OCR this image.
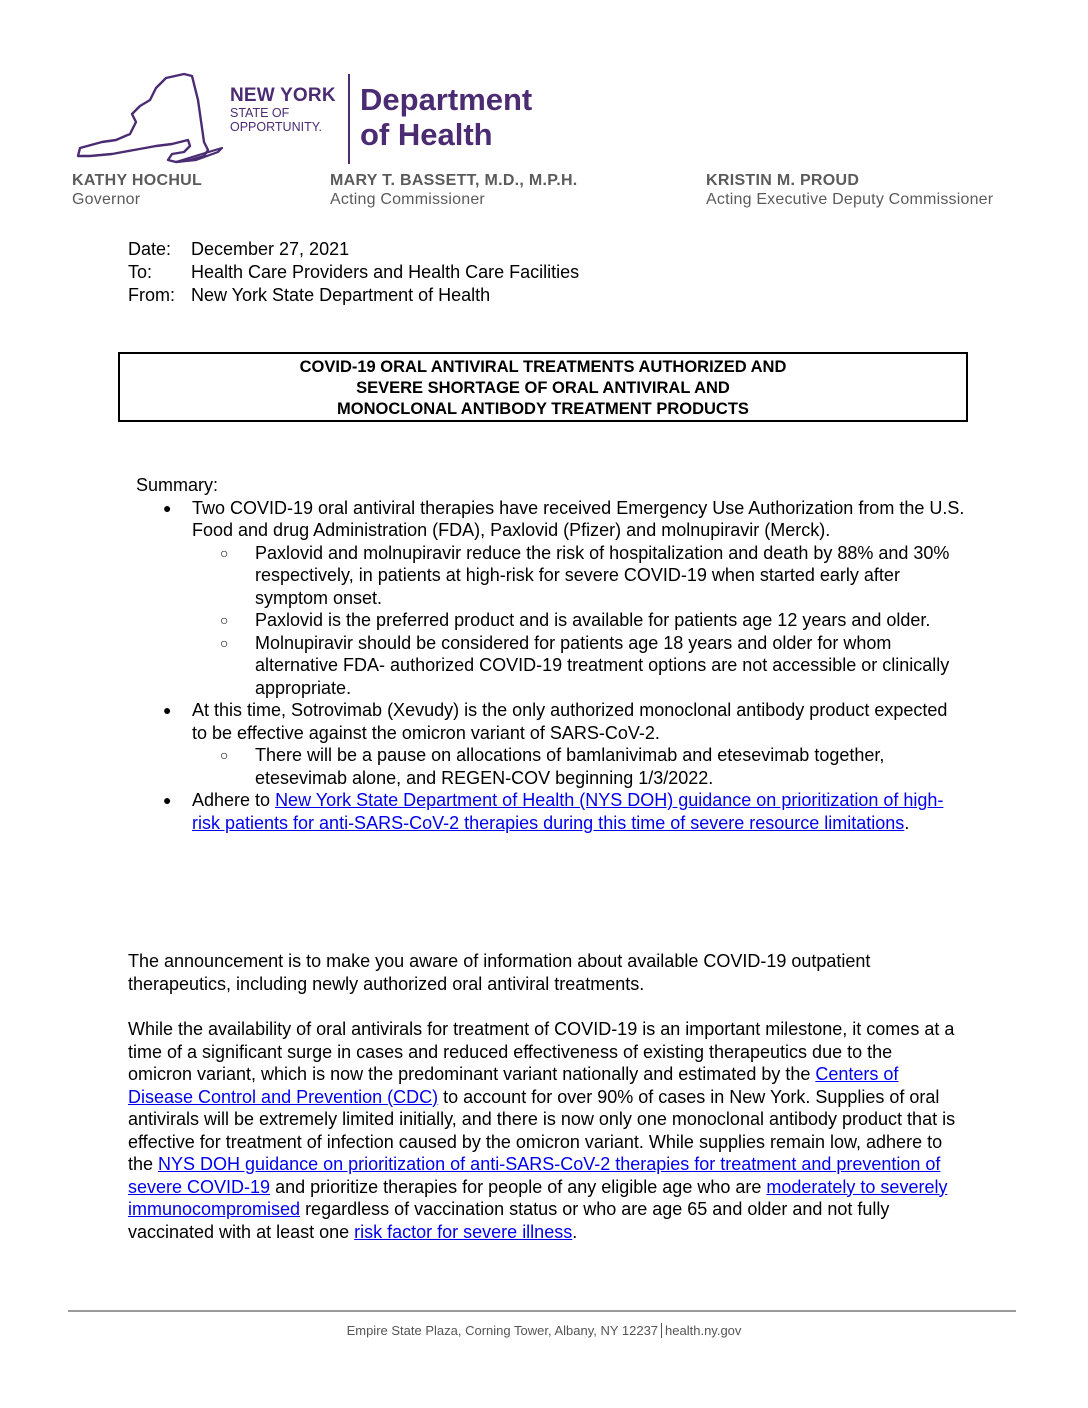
NEW YORK
STATE OF
OPPORTUNITY.
Department
of Health
KATHY HOCHUL
Governor
MARY T. BASSETT, M.D., M.P.H.
Acting Commissioner
KRISTIN M. PROUD
Acting Executive Deputy Commissioner
Date:	December 27, 2021
To:	Health Care Providers and Health Care Facilities
From: New York State Department of Health
COVID-19 ORAL ANTIVIRAL TREATMENTS AUTHORIZED AND
SEVERE SHORTAGE OF ORAL ANTIVIRAL AND
MONOCLONAL ANTIBODY TREATMENT PRODUCTS
Summary:
● Two COVID-19 oral antiviral therapies have received Emergency Use Authorization from the U.S. Food and drug Administration (FDA), Paxlovid (Pfizer) and molnupiravir (Merck).
○ Paxlovid and molnupiravir reduce the risk of hospitalization and death by 88% and 30% respectively, in patients at high-risk for severe COVID-19 when started early after symptom onset.
○ Paxlovid is the preferred product and is available for patients age 12 years and older.
○ Molnupiravir should be considered for patients age 18 years and older for whom alternative FDA- authorized COVID-19 treatment options are not accessible or clinically appropriate.
● At this time, Sotrovimab (Xevudy) is the only authorized monoclonal antibody product expected to be effective against the omicron variant of SARS-CoV-2.
○ There will be a pause on allocations of bamlanivimab and etesevimab together, etesevimab alone, and REGEN-COV beginning 1/3/2022.
● Adhere to New York State Department of Health (NYS DOH) guidance on prioritization of high-risk patients for anti-SARS-CoV-2 therapies during this time of severe resource limitations.

The announcement is to make you aware of information about available COVID-19 outpatient therapeutics, including newly authorized oral antiviral treatments.

While the availability of oral antivirals for treatment of COVID-19 is an important milestone, it comes at a time of a significant surge in cases and reduced effectiveness of existing therapeutics due to the omicron variant, which is now the predominant variant nationally and estimated by the Centers of Disease Control and Prevention (CDC) to account for over 90% of cases in New York. Supplies of oral antivirals will be extremely limited initially, and there is now only one monoclonal antibody product that is effective for treatment of infection caused by the omicron variant. While supplies remain low, adhere to the NYS DOH guidance on prioritization of anti-SARS-CoV-2 therapies for treatment and prevention of severe COVID-19 and prioritize therapies for people of any eligible age who are moderately to severely immunocompromised regardless of vaccination status or who are age 65 and older and not fully vaccinated with at least one risk factor for severe illness.

Empire State Plaza, Corning Tower, Albany, NY 12237 health.ny.gov
